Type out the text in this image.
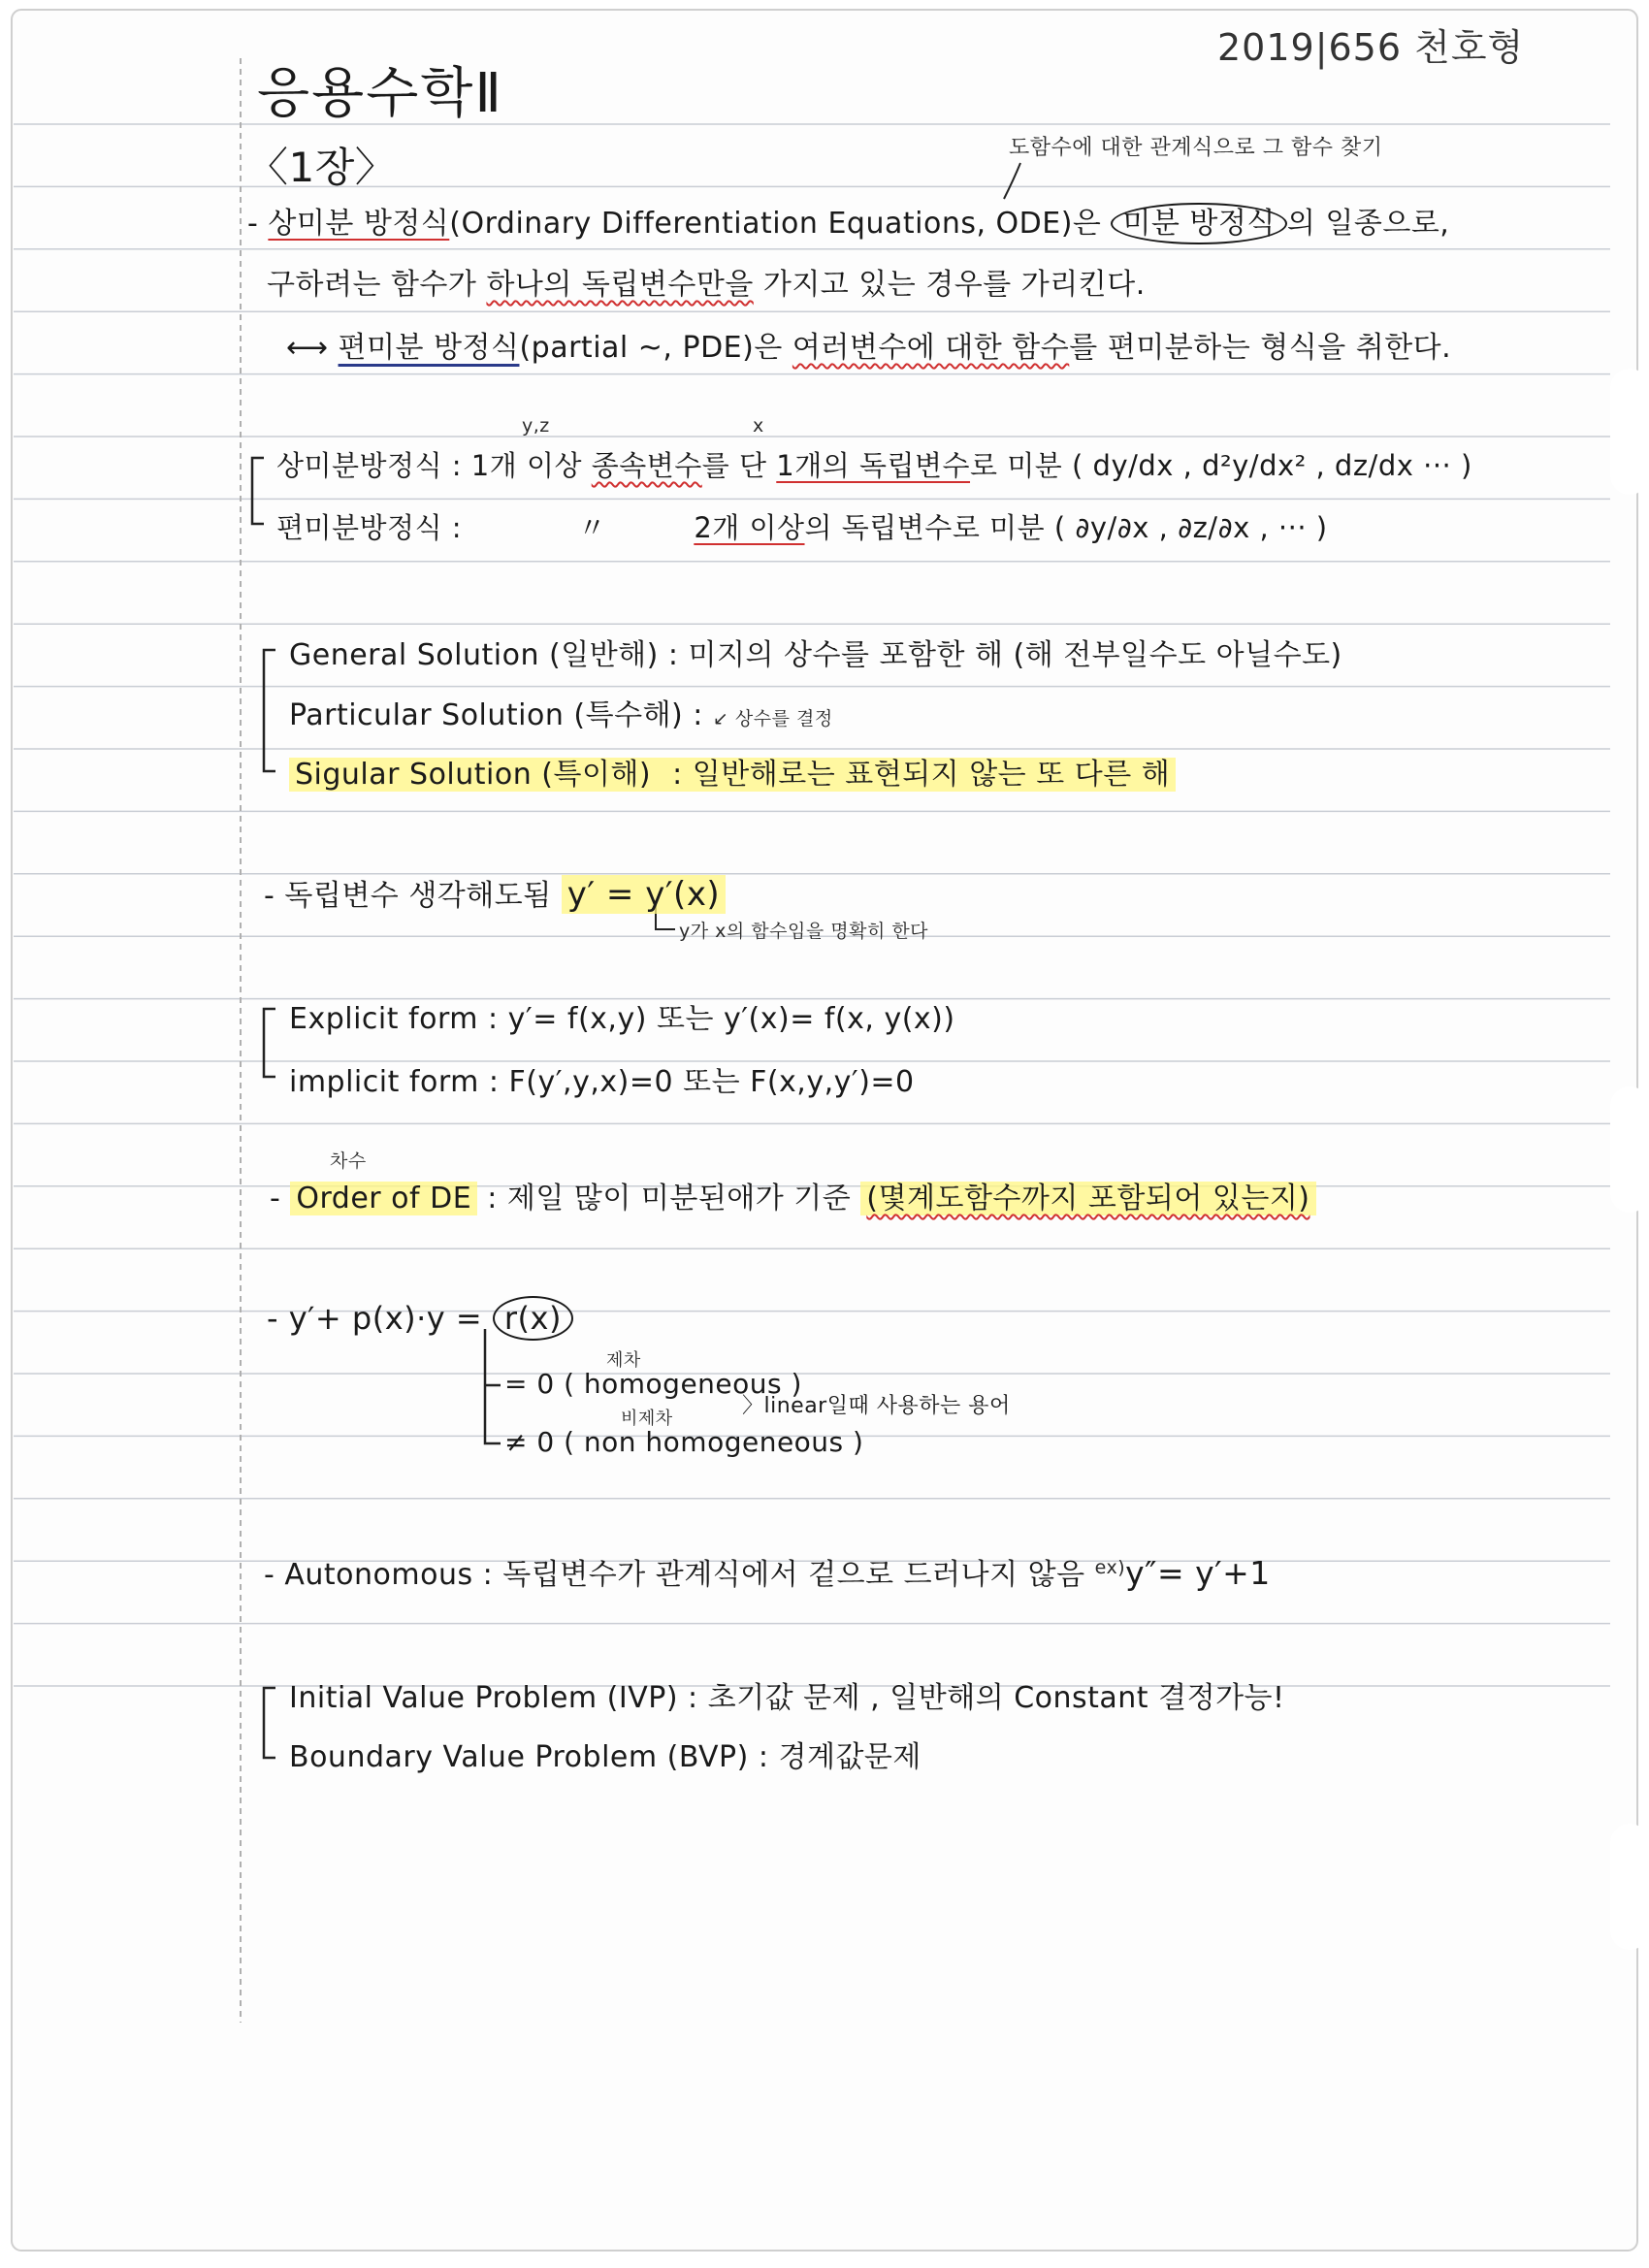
2019|656 천호형
응용수학Ⅱ
〈1장〉	도함수에 대한 관계식으로 그 함수 찾기
- 상미분 방정식(Ordinary Differentiation Equations, ODE)은 미분 방정식 의 일종으로,
구하려는 함수가 하나의 독립변수만을 가지고 있는 경우를 가리킨다.
⟷ 편미분 방정식(partial ~, PDE)은 여러변수에 대한 함수를 편미분하는 형식을 취한다.
y,z	x
상미분방정식 : 1개 이상 종속변수를 단 1개의 독립변수로 미분 ( dy/dx , d²y/dx² , dz/dx ··· )
편미분방정식 :	〃	2개 이상의 독립변수로 미분 ( ∂y/∂x , ∂z/∂x , ··· )
General Solution (일반해) : 미지의 상수를 포함한 해 (해 전부일수도 아닐수도)
Particular Solution (특수해) : ↙ 상수를 결정
Sigular Solution (특이해) : 일반해로는 표현되지 않는 또 다른 해
- 독립변수 생각해도됨 y′ = y′(x)
y가 x의 함수임을 명확히 한다
Explicit form : y′= f(x,y) 또는 y′(x)= f(x, y(x))
implicit form : F(y′,y,x)=0 또는 F(x,y,y′)=0
차수
- Order of DE : 제일 많이 미분된애가 기준 (몇계도함수까지 포함되어 있는지)
- y′+ p(x)·y = r(x)
제차
= 0 ( homogeneous )
비제차
≠ 0 ( non homogeneous )
〉linear일때 사용하는 용어
- Autonomous : 독립변수가 관계식에서 겉으로 드러나지 않음 $^{ex)}$y″= y′+1
Initial Value Problem (IVP) : 초기값 문제 , 일반해의 Constant 결정가능!
Boundary Value Problem (BVP) : 경계값문제
